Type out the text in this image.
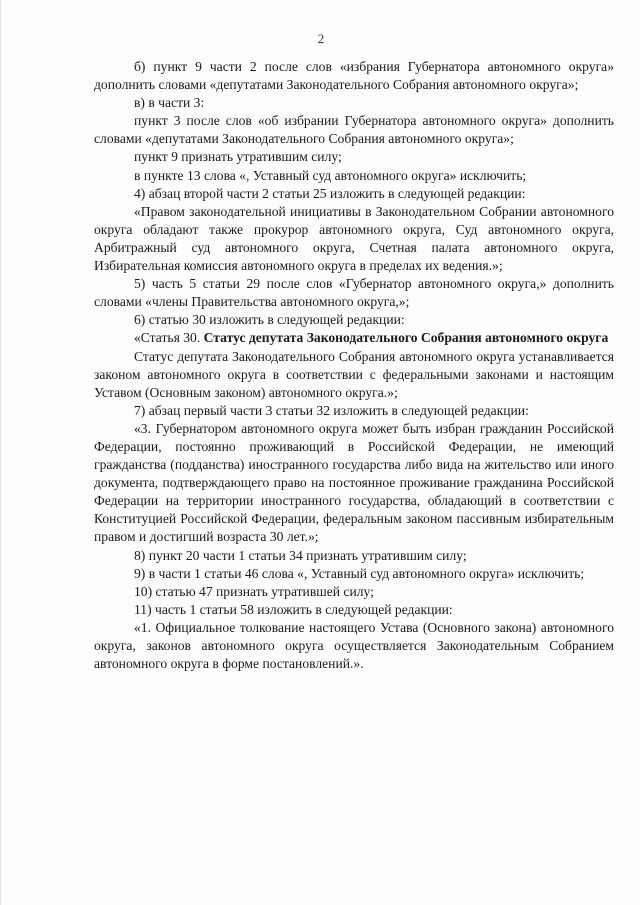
2

б) пункт 9 части 2 после слов «избрания Губернатора автономного округа» дополнить словами «депутатами Законодательного Собрания автономного округа»;

в) в части 3:

пункт 3 после слов «об избрании Губернатора автономного округа» дополнить словами «депутатами Законодательного Собрания автономного округа»;

пункт 9 признать утратившим силу;

в пункте 13 слова «, Уставный суд автономного округа» исключить;

4) абзац второй части 2 статьи 25 изложить в следующей редакции:

«Правом законодательной инициативы в Законодательном Собрании автономного округа обладают также прокурор автономного округа, Суд автономного округа, Арбитражный суд автономного округа, Счетная палата автономного округа, Избирательная комиссия автономного округа в пределах их ведения.»;

5) часть 5 статьи 29 после слов «Губернатор автономного округа,» дополнить словами «члены Правительства автономного округа,»;

6) статью 30 изложить в следующей редакции:

«Статья 30. Статус депутата Законодательного Собрания автономного округа

Статус депутата Законодательного Собрания автономного округа устанавливается законом автономного округа в соответствии с федеральными законами и настоящим Уставом (Основным законом) автономного округа.»;

7) абзац первый части 3 статьи 32 изложить в следующей редакции:

«3. Губернатором автономного округа может быть избран гражданин Российской Федерации, постоянно проживающий в Российской Федерации, не имеющий гражданства (подданства) иностранного государства либо вида на жительство или иного документа, подтверждающего право на постоянное проживание гражданина Российской Федерации на территории иностранного государства, обладающий в соответствии с Конституцией Российской Федерации, федеральным законом пассивным избирательным правом и достигший возраста 30 лет.»;

8) пункт 20 части 1 статьи 34 признать утратившим силу;

9) в части 1 статьи 46 слова «, Уставный суд автономного округа» исключить;

10) статью 47 признать утратившей силу;

11) часть 1 статьи 58 изложить в следующей редакции:

«1. Официальное толкование настоящего Устава (Основного закона) автономного округа, законов автономного округа осуществляется Законодательным Собранием автономного округа в форме постановлений.».
